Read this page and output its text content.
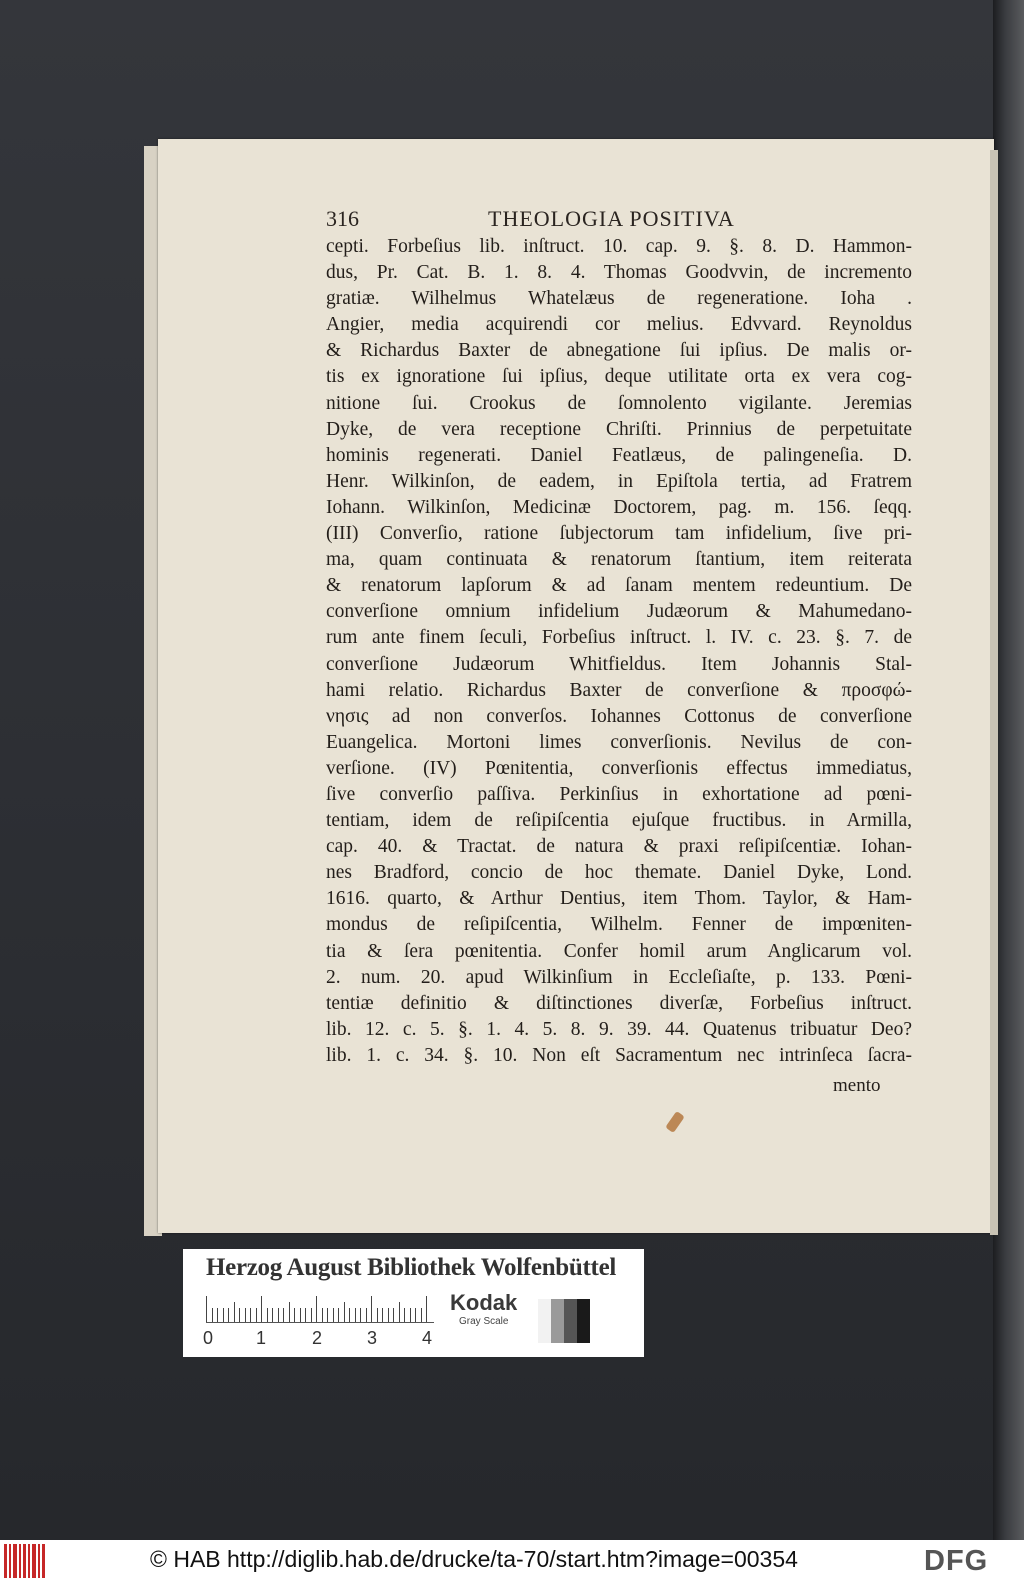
316	THEOLOGIA POSITIVA
cepti. Forbeſius lib. inſtruct. 10. cap. 9. §. 8. D. Hammon-
dus, Pr. Cat. B. 1. 8. 4. Thomas Goodvvin, de incremento
gratiæ. Wilhelmus Whatelæus de regeneratione. Ioha .
Angier, media acquirendi cor melius. Edvvard. Reynoldus
& Richardus Baxter de abnegatione ſui ipſius. De malis or-
tis ex ignoratione ſui ipſius, deque utilitate orta ex vera cog-
nitione ſui. Crookus de ſomnolento vigilante. Jeremias
Dyke, de vera receptione Chriſti. Prinnius de perpetuitate
hominis regenerati. Daniel Featlæus, de palingeneſia. D.
Henr. Wilkinſon, de eadem, in Epiſtola tertia, ad Fratrem
Iohann. Wilkinſon, Medicinæ Doctorem, pag. m. 156. ſeqq.
(III) Converſio, ratione ſubjectorum tam infidelium, ſive pri-
ma, quam continuata & renatorum ſtantium, item reiterata
& renatorum lapſorum & ad ſanam mentem redeuntium. De
converſione omnium infidelium Judæorum & Mahumedano-
rum ante finem ſeculi, Forbeſius inſtruct. l. IV. c. 23. §. 7. de
converſione Judæorum Whitfieldus. Item Johannis Stal-
hami relatio. Richardus Baxter de converſione & προσφώ-
νησις ad non converſos. Iohannes Cottonus de converſione
Euangelica. Mortoni limes converſionis. Nevilus de con-
verſione. (IV) Pœnitentia, converſionis effectus immediatus,
ſive converſio paſſiva. Perkinſius in exhortatione ad pœni-
tentiam, idem de reſipiſcentia ejuſque fructibus. in Armilla,
cap. 40. & Tractat. de natura & praxi reſipiſcentiæ. Iohan-
nes Bradford, concio de hoc themate. Daniel Dyke, Lond.
1616. quarto, & Arthur Dentius, item Thom. Taylor, & Ham-
mondus de reſipiſcentia, Wilhelm. Fenner de impœniten-
tia & ſera pœnitentia. Confer homil arum Anglicarum vol.
2. num. 20. apud Wilkinſium in Eccleſiaſte, p. 133. Pœni-
tentiæ definitio & diſtinctiones diverſæ, Forbeſius inſtruct.
lib. 12. c. 5. §. 1. 4. 5. 8. 9. 39. 44. Quatenus tribuatur Deo?
lib. 1. c. 34. §. 10. Non eſt Sacramentum nec intrinſeca ſacra-
mento
Herzog August Bibliothek Wolfenbüttel
0 1	2 3 4
Kodak
Gray Scale
© HAB http://diglib.hab.de/drucke/ta-70/start.htm?image=00354	DFG
